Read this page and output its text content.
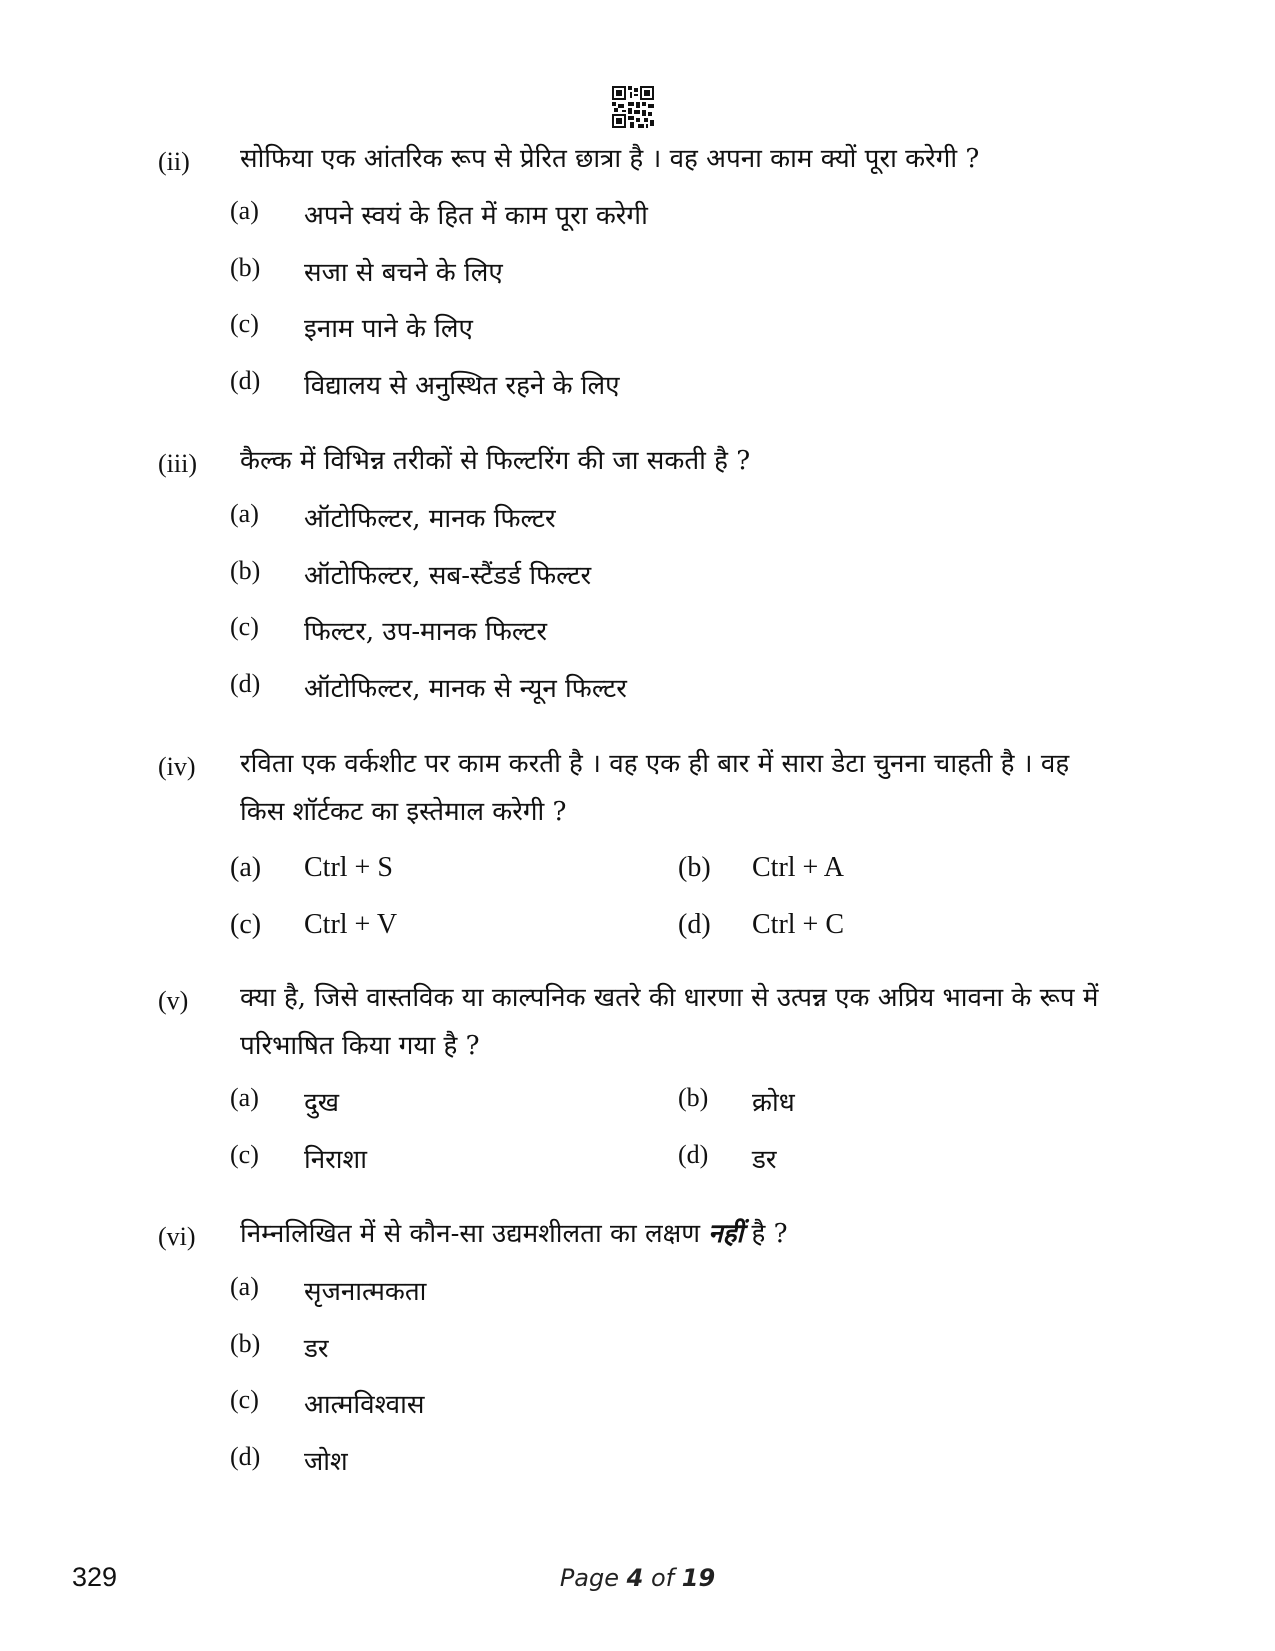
(ii) सोफिया एक आंतरिक रूप से प्रेरित छात्रा है । वह अपना काम क्यों पूरा करेगी ?
(a) अपने स्वयं के हित में काम पूरा करेगी
(b) सजा से बचने के लिए
(c) इनाम पाने के लिए
(d) विद्यालय से अनुस्थित रहने के लिए
(iii) कैल्क में विभिन्न तरीकों से फिल्टरिंग की जा सकती है ?
(a) ऑटोफिल्टर, मानक फिल्टर
(b) ऑटोफिल्टर, सब-स्टैंडर्ड फिल्टर
(c) फिल्टर, उप-मानक फिल्टर
(d) ऑटोफिल्टर, मानक से न्यून फिल्टर
(iv) रविता एक वर्कशीट पर काम करती है । वह एक ही बार में सारा डेटा चुनना चाहती है । वह किस शॉर्टकट का इस्तेमाल करेगी ?
(a) Ctrl + S	(b) Ctrl + A
(c) Ctrl + V	(d) Ctrl + C
(v) क्या है, जिसे वास्तविक या काल्पनिक खतरे की धारणा से उत्पन्न एक अप्रिय भावना के रूप में परिभाषित किया गया है ?
(a) दुख	(b) क्रोध
(c) निराशा	(d) डर
(vi) निम्नलिखित में से कौन-सा उद्यमशीलता का लक्षण नहीं है ?
(a) सृजनात्मकता
(b) डर
(c) आत्मविश्वास
(d) जोश
329	Page 4 of 19
